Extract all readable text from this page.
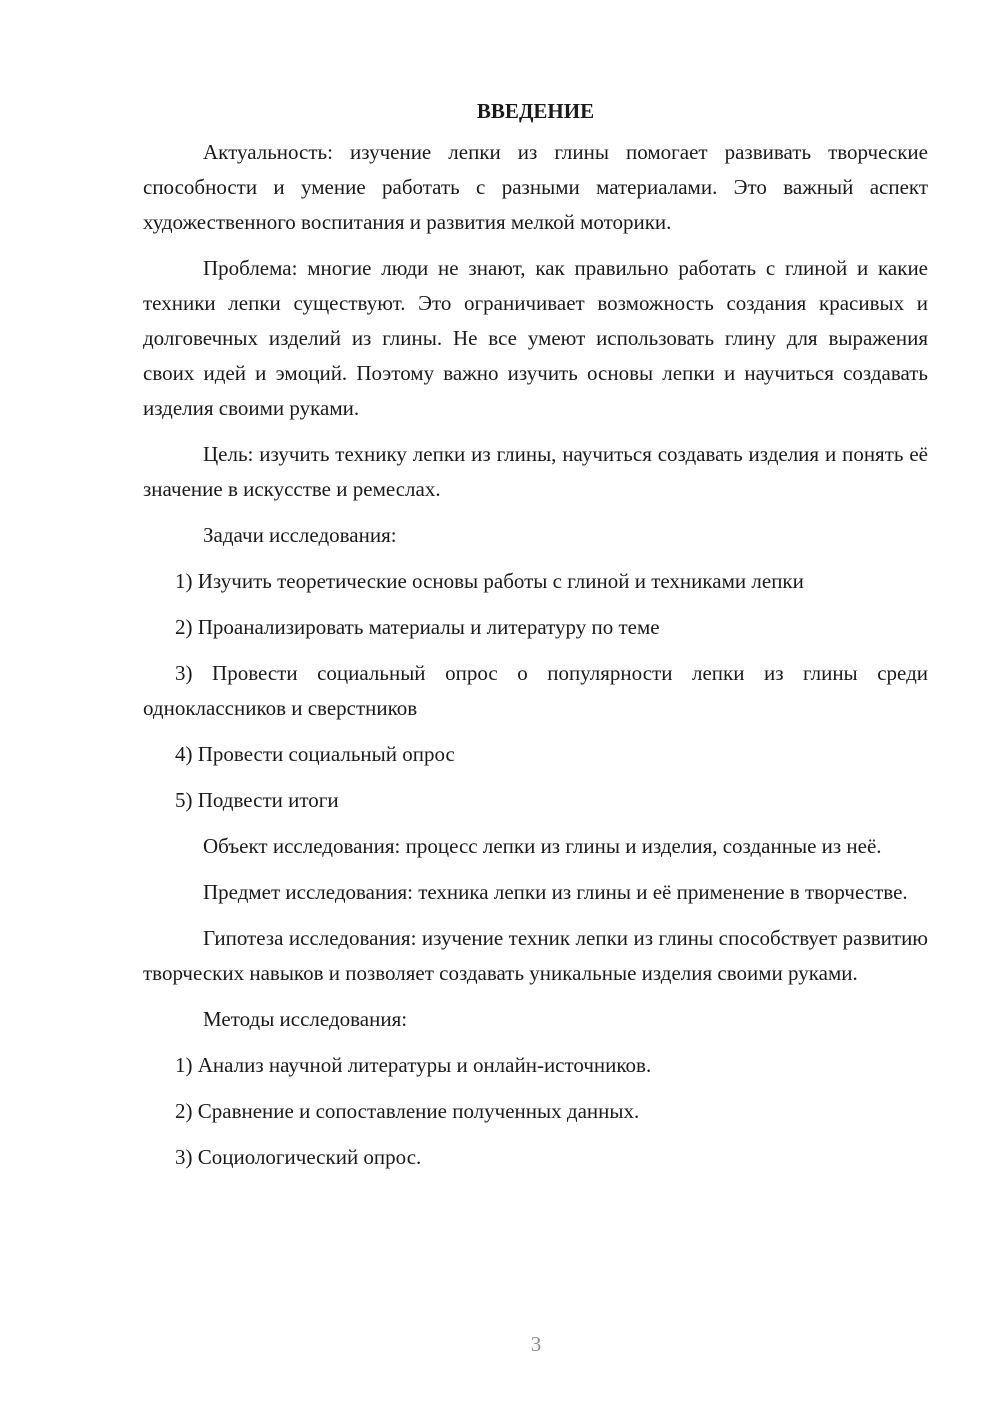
ВВЕДЕНИЕ

Актуальность: изучение лепки из глины помогает развивать творческие способности и умение работать с разными материалами. Это важный аспект художественного воспитания и развития мелкой моторики.

Проблема: многие люди не знают, как правильно работать с глиной и какие техники лепки существуют. Это ограничивает возможность создания красивых и долговечных изделий из глины. Не все умеют использовать глину для выражения своих идей и эмоций. Поэтому важно изучить основы лепки и научиться создавать изделия своими руками.

Цель: изучить технику лепки из глины, научиться создавать изделия и понять её значение в искусстве и ремеслах.

Задачи исследования:

1) Изучить теоретические основы работы с глиной и техниками лепки

2) Проанализировать материалы и литературу по теме

3) Провести социальный опрос о популярности лепки из глины среди одноклассников и сверстников

4) Провести социальный опрос

5) Подвести итоги

Объект исследования: процесс лепки из глины и изделия, созданные из неё.

Предмет исследования: техника лепки из глины и её применение в творчестве.

Гипотеза исследования: изучение техник лепки из глины способствует развитию творческих навыков и позволяет создавать уникальные изделия своими руками.

Методы исследования:

1) Анализ научной литературы и онлайн-источников.

2) Сравнение и сопоставление полученных данных.

3) Социологический опрос.

3
